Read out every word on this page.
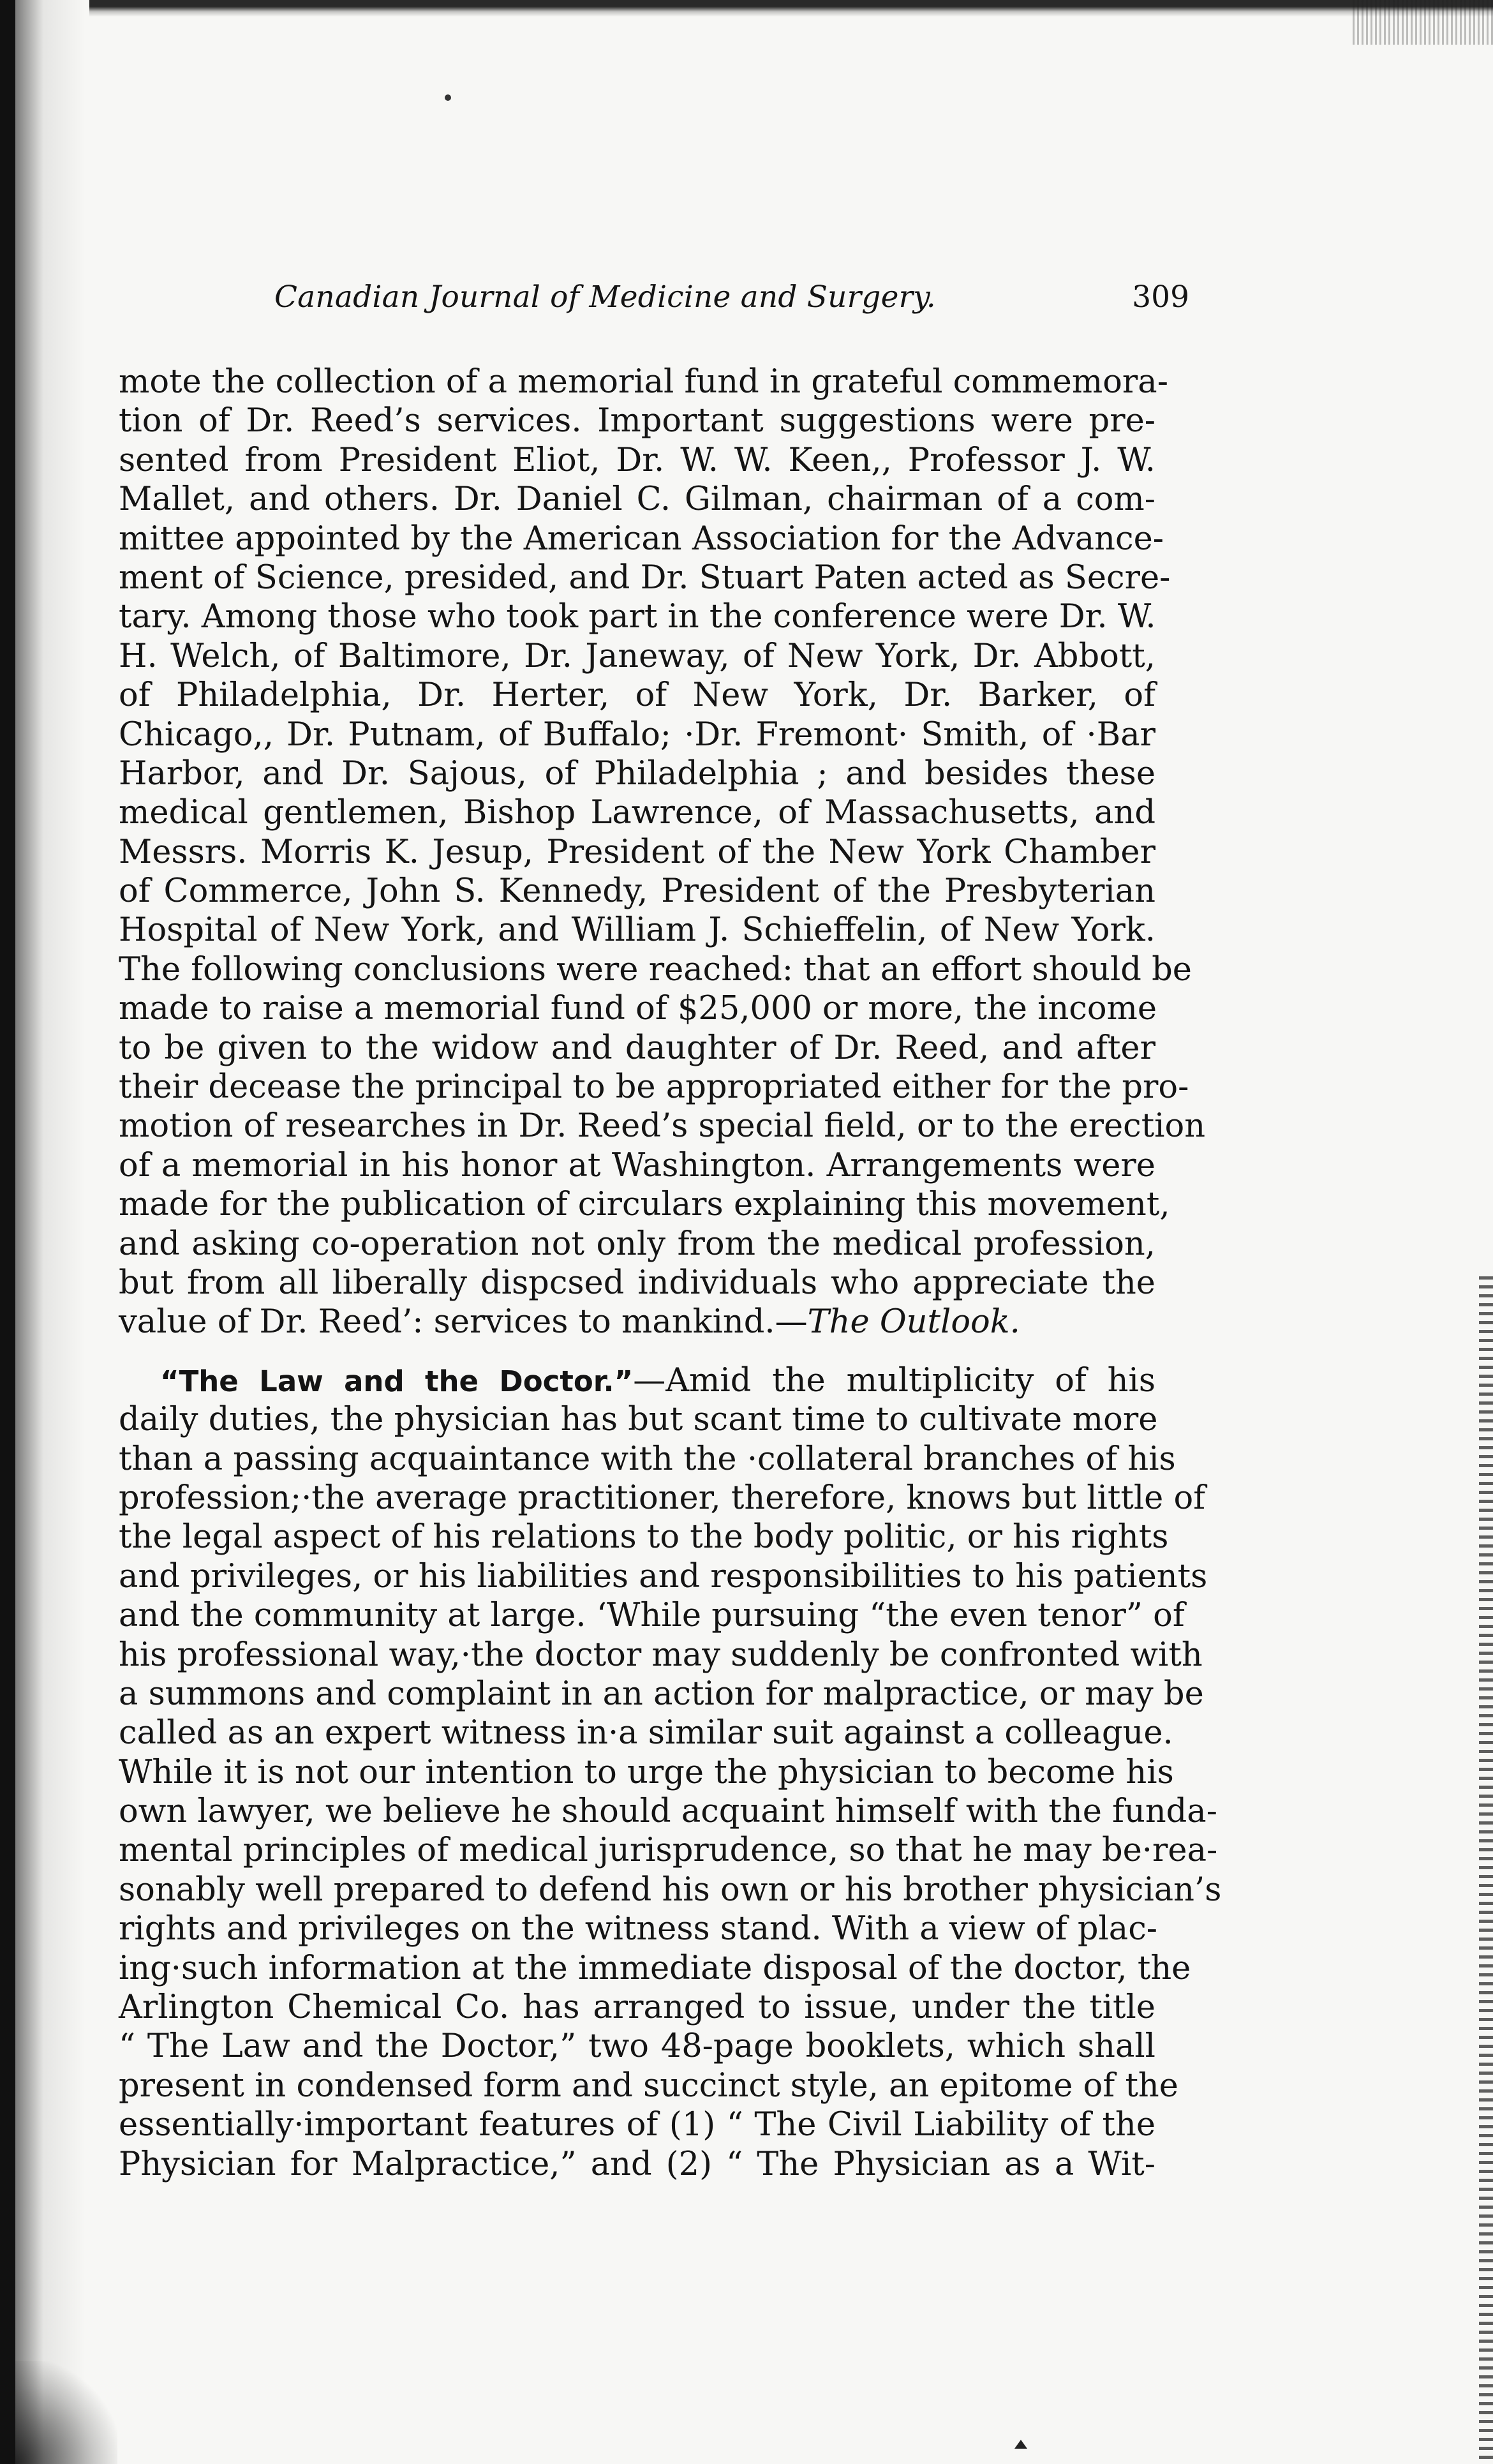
Canadian Journal of Medicine and Surgery.	309
mote the collection of a memorial fund in grateful commemora-
tion of Dr. Reed’s services. Important suggestions were pre-
sented from President Eliot, Dr. W. W. Keen,, Professor J. W.
Mallet, and others. Dr. Daniel C. Gilman, chairman of a com-
mittee appointed by the American Association for the Advance-
ment of Science, presided, and Dr. Stuart Paten acted as Secre-
tary. Among those who took part in the conference were Dr. W.
H. Welch, of Baltimore, Dr. Janeway, of New York, Dr. Abbott,
of Philadelphia, Dr. Herter, of New York, Dr. Barker, of
Chicago,, Dr. Putnam, of Buffalo; ·Dr. Fremont· Smith, of ·Bar
Harbor, and Dr. Sajous, of Philadelphia ; and besides these
medical gentlemen, Bishop Lawrence, of Massachusetts, and
Messrs. Morris K. Jesup, President of the New York Chamber
of Commerce, John S. Kennedy, President of the Presbyterian
Hospital of New York, and William J. Schieffelin, of New York.
The following conclusions were reached: that an effort should be
made to raise a memorial fund of $25,000 or more, the income
to be given to the widow and daughter of Dr. Reed, and after
their decease the principal to be appropriated either for the pro-
motion of researches in Dr. Reed’s special field, or to the erection
of a memorial in his honor at Washington. Arrangements were
made for the publication of circulars explaining this movement,
and asking co-operation not only from the medical profession,
but from all liberally dispcsed individuals who appreciate the
value of Dr. Reed’: services to mankind.—The Outlook.
“The Law and the Doctor.”—Amid the multiplicity of his
daily duties, the physician has but scant time to cultivate more
than a passing acquaintance with the ·collateral branches of his
profession;·the average practitioner, therefore, knows but little of
the legal aspect of his relations to the body politic, or his rights
and privileges, or his liabilities and responsibilities to his patients
and the community at large. ‘While pursuing “the even tenor” of
his professional way,·the doctor may suddenly be confronted with
a summons and complaint in an action for malpractice, or may be
called as an expert witness in·a similar suit against a colleague.
While it is not our intention to urge the physician to become his
own lawyer, we believe he should acquaint himself with the funda-
mental principles of medical jurisprudence, so that he may be·rea-
sonably well prepared to defend his own or his brother physician’s
rights and privileges on the witness stand. With a view of plac-
ing·such information at the immediate disposal of the doctor, the
Arlington Chemical Co. has arranged to issue, under the title
“ The Law and the Doctor,” two 48-page booklets, which shall
present in condensed form and succinct style, an epitome of the
essentially·important features of (1) “ The Civil Liability of the
Physician for Malpractice,” and (2) “ The Physician as a Wit-
